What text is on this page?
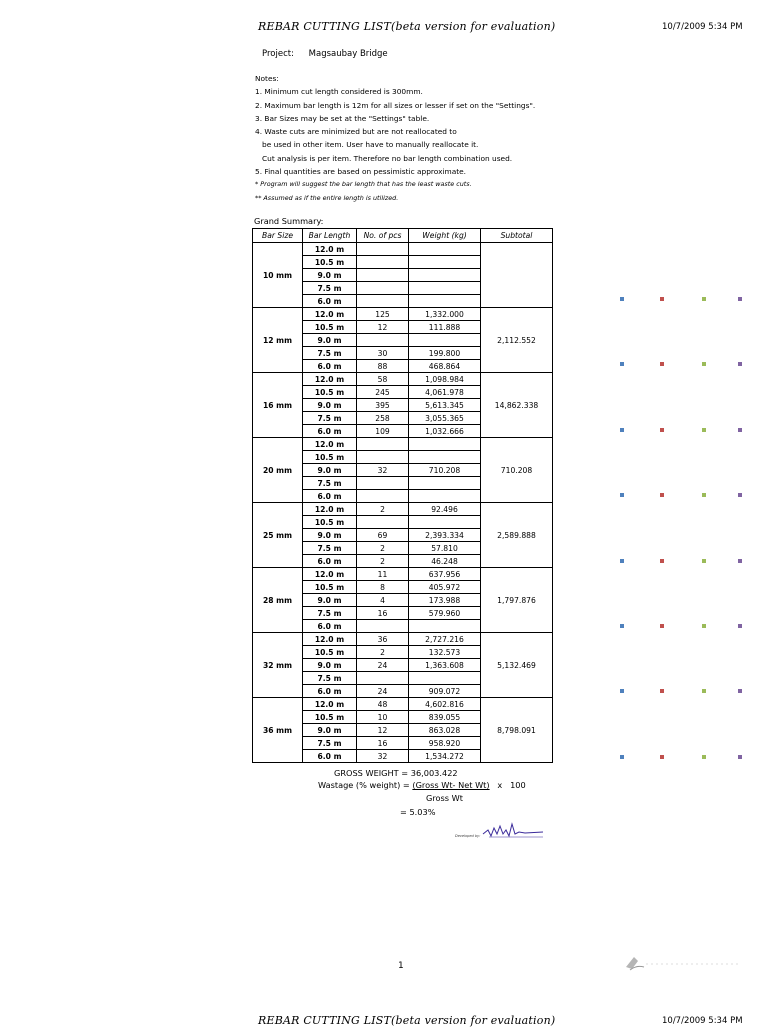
REBAR CUTTING LIST(beta version for evaluation)	10/7/2009 5:34 PM
Project: Magsaubay Bridge
Notes:
1. Minimum cut length considered is 300mm.
2. Maximum bar length is 12m for all sizes or lesser if set on the "Settings".
3. Bar Sizes may be set at the "Settings" table.
4. Waste cuts are minimized but are not reallocated to
be used in other item. User have to manually reallocate it.
Cut analysis is per item. Therefore no bar length combination used.
5. Final quantities are based on pessimistic approximate.
* Program will suggest the bar length that has the least waste cuts.
** Assumed as if the entire length is utilized.
Grand Summary:
Bar Size	Bar Length	No. of pcs	Weight (kg)	Subtotal
10 mm	12.0 m			
	10.5 m			
	9.0 m			
	7.5 m			
	6.0 m			
12 mm	12.0 m	125	1,332.000	2,112.552
	10.5 m	12	111.888	
	9.0 m			
	7.5 m	30	199.800	
	6.0 m	88	468.864	
16 mm	12.0 m	58	1,098.984	14,862.338
	10.5 m	245	4,061.978	
	9.0 m	395	5,613.345	
	7.5 m	258	3,055.365	
	6.0 m	109	1,032.666	
20 mm	12.0 m			710.208
	10.5 m			
	9.0 m	32	710.208	
	7.5 m			
	6.0 m			
25 mm	12.0 m	2	92.496	2,589.888
	10.5 m			
	9.0 m	69	2,393.334	
	7.5 m	2	57.810	
	6.0 m	2	46.248	
28 mm	12.0 m	11	637.956	1,797.876
	10.5 m	8	405.972	
	9.0 m	4	173.988	
	7.5 m	16	579.960	
	6.0 m			
32 mm	12.0 m	36	2,727.216	5,132.469
	10.5 m	2	132.573	
	9.0 m	24	1,363.608	
	7.5 m			
	6.0 m	24	909.072	
36 mm	12.0 m	48	4,602.816	8,798.091
	10.5 m	10	839.055	
	9.0 m	12	863.028	
	7.5 m	16	958.920	
	6.0 m	32	1,534.272	
GROSS WEIGHT = 36,003.422
Wastage (% weight) = (Gross Wt- Net Wt) x 100
Gross Wt
= 5.03%
Developed by:
1
REBAR CUTTING LIST(beta version for evaluation)	10/7/2009 5:34 PM
